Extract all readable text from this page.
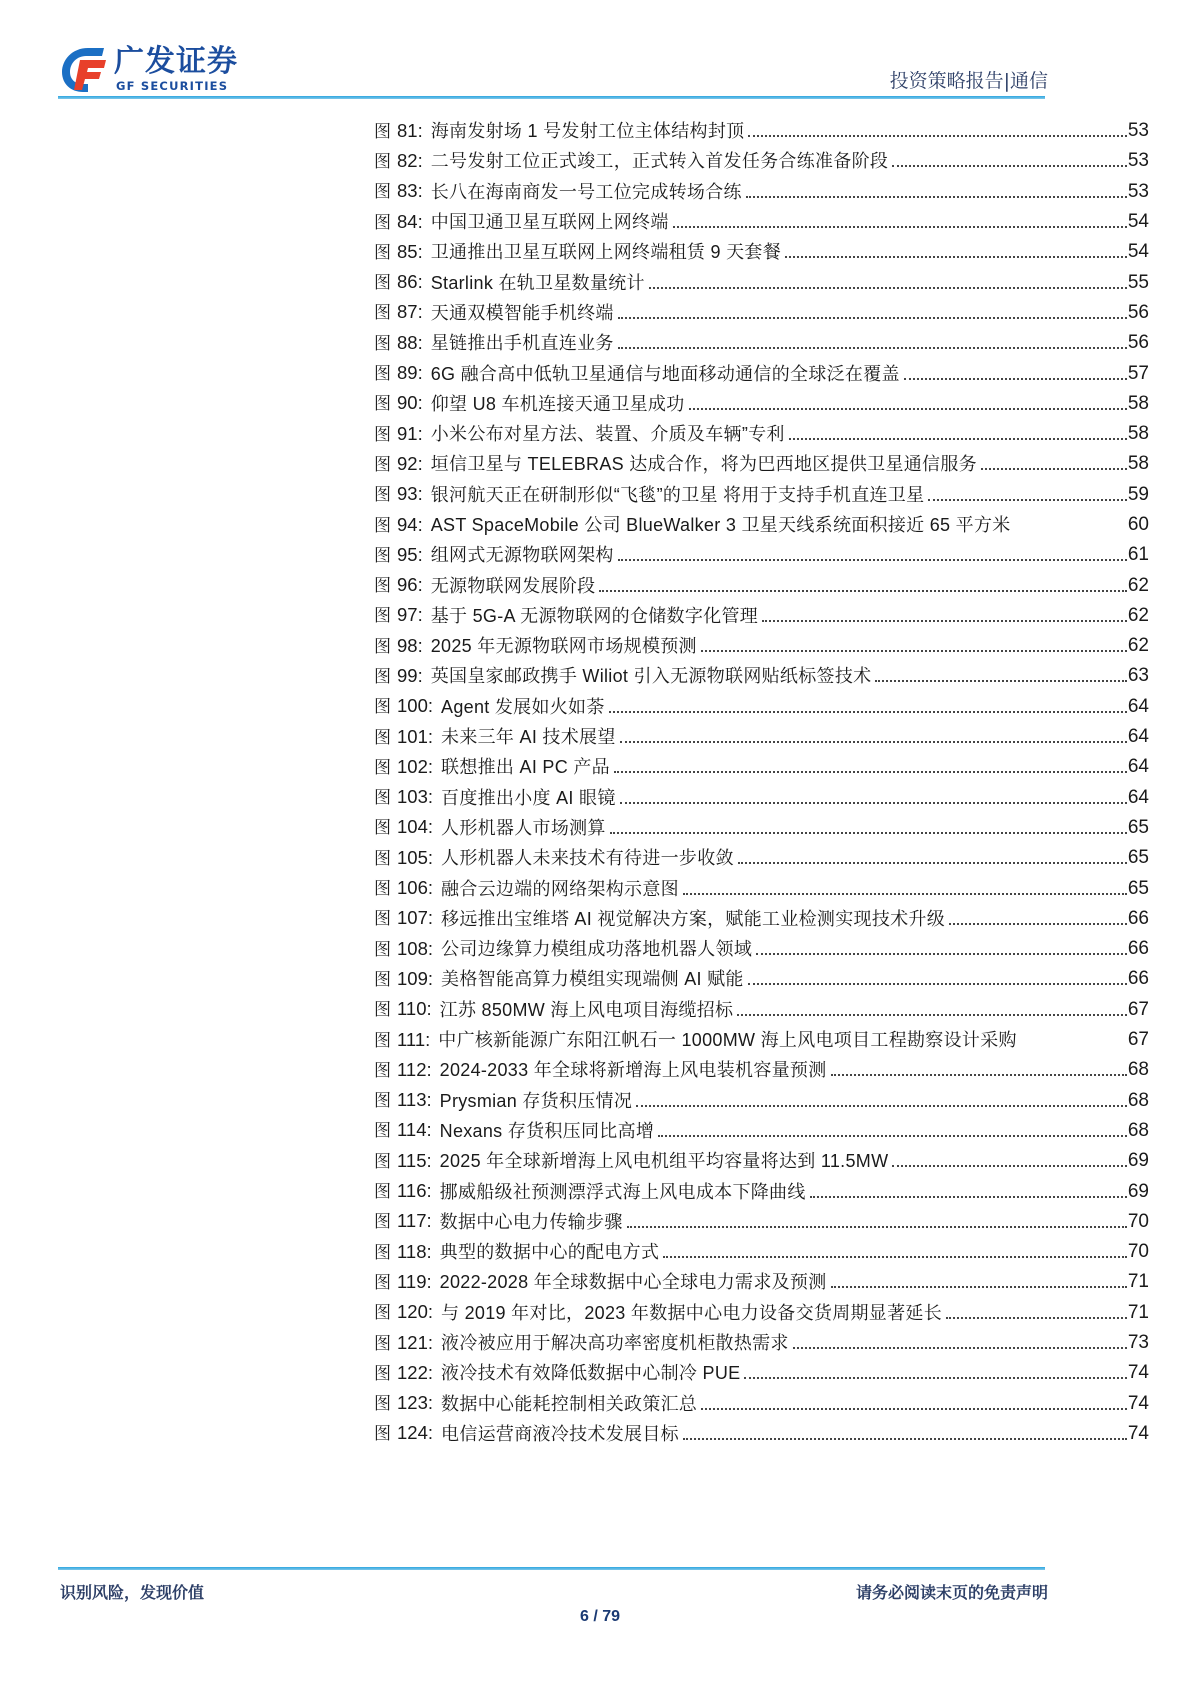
广发证券
GF SECURITIES	投资策略报告|通信
图 81: 海南发射场 1 号发射工位主体结构封顶	53
图 82: 二号发射工位正式竣工，正式转入首发任务合练准备阶段	53
图 83: 长八在海南商发一号工位完成转场合练	53
图 84: 中国卫通卫星互联网上网终端	54
图 85: 卫通推出卫星互联网上网终端租赁 9 天套餐	54
图 86: Starlink 在轨卫星数量统计	55
图 87: 天通双模智能手机终端	56
图 88: 星链推出手机直连业务	56
图 89: 6G 融合高中低轨卫星通信与地面移动通信的全球泛在覆盖	57
图 90: 仰望 U8 车机连接天通卫星成功	58
图 91: 小米公布对星方法、装置、介质及车辆”专利	58
图 92: 垣信卫星与 TELEBRAS 达成合作，将为巴西地区提供卫星通信服务	58
图 93: 银河航天正在研制形似“飞毯”的卫星 将用于支持手机直连卫星	59
图 94: AST SpaceMobile 公司 BlueWalker 3 卫星天线系统面积接近 65 平方米	60
图 95: 组网式无源物联网架构	61
图 96: 无源物联网发展阶段	62
图 97: 基于 5G-A 无源物联网的仓储数字化管理	62
图 98: 2025 年无源物联网市场规模预测	62
图 99: 英国皇家邮政携手 Wiliot 引入无源物联网贴纸标签技术	63
图 100: Agent 发展如火如荼	64
图 101: 未来三年 AI 技术展望	64
图 102: 联想推出 AI PC 产品	64
图 103: 百度推出小度 AI 眼镜	64
图 104: 人形机器人市场测算	65
图 105: 人形机器人未来技术有待进一步收敛	65
图 106: 融合云边端的网络架构示意图	65
图 107: 移远推出宝维塔 AI 视觉解决方案，赋能工业检测实现技术升级	66
图 108: 公司边缘算力模组成功落地机器人领域	66
图 109: 美格智能高算力模组实现端侧 AI 赋能	66
图 110: 江苏 850MW 海上风电项目海缆招标	67
图 111: 中广核新能源广东阳江帆石一 1000MW 海上风电项目工程勘察设计采购	67
图 112: 2024-2033 年全球将新增海上风电装机容量预测	68
图 113: Prysmian 存货积压情况	68
图 114: Nexans 存货积压同比高增	68
图 115: 2025 年全球新增海上风电机组平均容量将达到 11.5MW	69
图 116: 挪威船级社预测漂浮式海上风电成本下降曲线	69
图 117: 数据中心电力传输步骤	70
图 118: 典型的数据中心的配电方式	70
图 119: 2022-2028 年全球数据中心全球电力需求及预测	71
图 120: 与 2019 年对比，2023 年数据中心电力设备交货周期显著延长	71
图 121: 液冷被应用于解决高功率密度机柜散热需求	73
图 122: 液冷技术有效降低数据中心制冷 PUE	74
图 123: 数据中心能耗控制相关政策汇总	74
图 124: 电信运营商液冷技术发展目标	74
识别风险，发现价值	请务必阅读末页的免责声明
6 / 79
